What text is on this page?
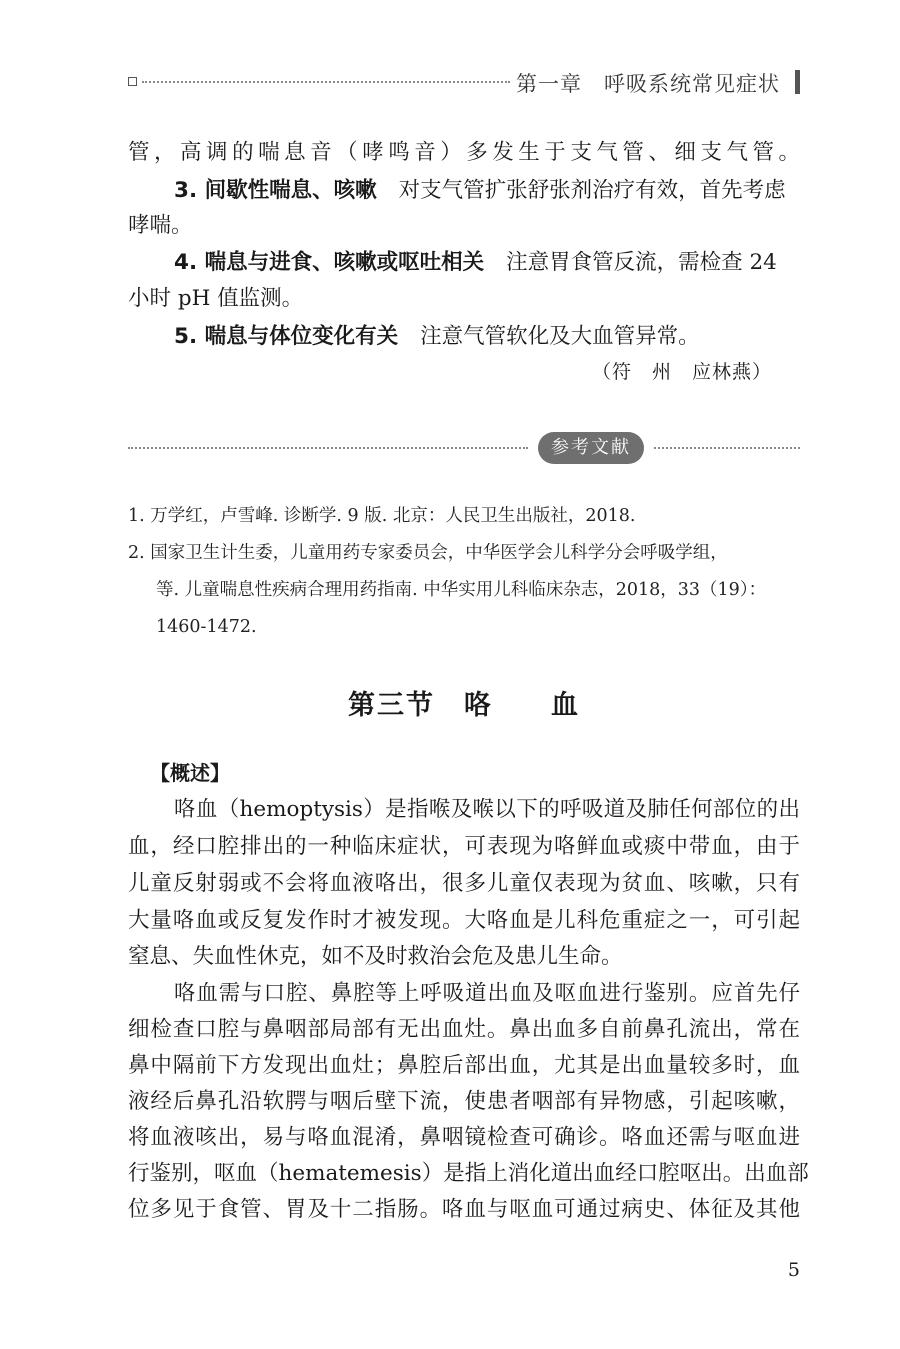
第一章　呼吸系统常见症状
管，高调的喘息音（哮鸣音）多发生于支气管、细支气管。
3. 间歇性喘息、咳嗽 对支气管扩张舒张剂治疗有效，首先考虑
哮喘。
4. 喘息与进食、咳嗽或呕吐相关 注意胃食管反流，需检查 24
小时 pH 值监测。
5. 喘息与体位变化有关 注意气管软化及大血管异常。
（符　州　应林燕）
参考文献
1. 万学红，卢雪峰. 诊断学. 9 版. 北京：人民卫生出版社，2018.
2. 国家卫生计生委，儿童用药专家委员会，中华医学会儿科学分会呼吸学组，
等. 儿童喘息性疾病合理用药指南. 中华实用儿科临床杂志，2018，33（19）：
1460-1472.
第三节　咯　　血
【概述】
咯血（hemoptysis）是指喉及喉以下的呼吸道及肺任何部位的出
血，经口腔排出的一种临床症状，可表现为咯鲜血或痰中带血，由于
儿童反射弱或不会将血液咯出，很多儿童仅表现为贫血、咳嗽，只有
大量咯血或反复发作时才被发现。大咯血是儿科危重症之一，可引起
窒息、失血性休克，如不及时救治会危及患儿生命。
咯血需与口腔、鼻腔等上呼吸道出血及呕血进行鉴别。应首先仔
细检查口腔与鼻咽部局部有无出血灶。鼻出血多自前鼻孔流出，常在
鼻中隔前下方发现出血灶；鼻腔后部出血，尤其是出血量较多时，血
液经后鼻孔沿软腭与咽后壁下流，使患者咽部有异物感，引起咳嗽，
将血液咳出，易与咯血混淆，鼻咽镜检查可确诊。咯血还需与呕血进
行鉴别，呕血（hematemesis）是指上消化道出血经口腔呕出。出血部
位多见于食管、胃及十二指肠。咯血与呕血可通过病史、体征及其他
5
